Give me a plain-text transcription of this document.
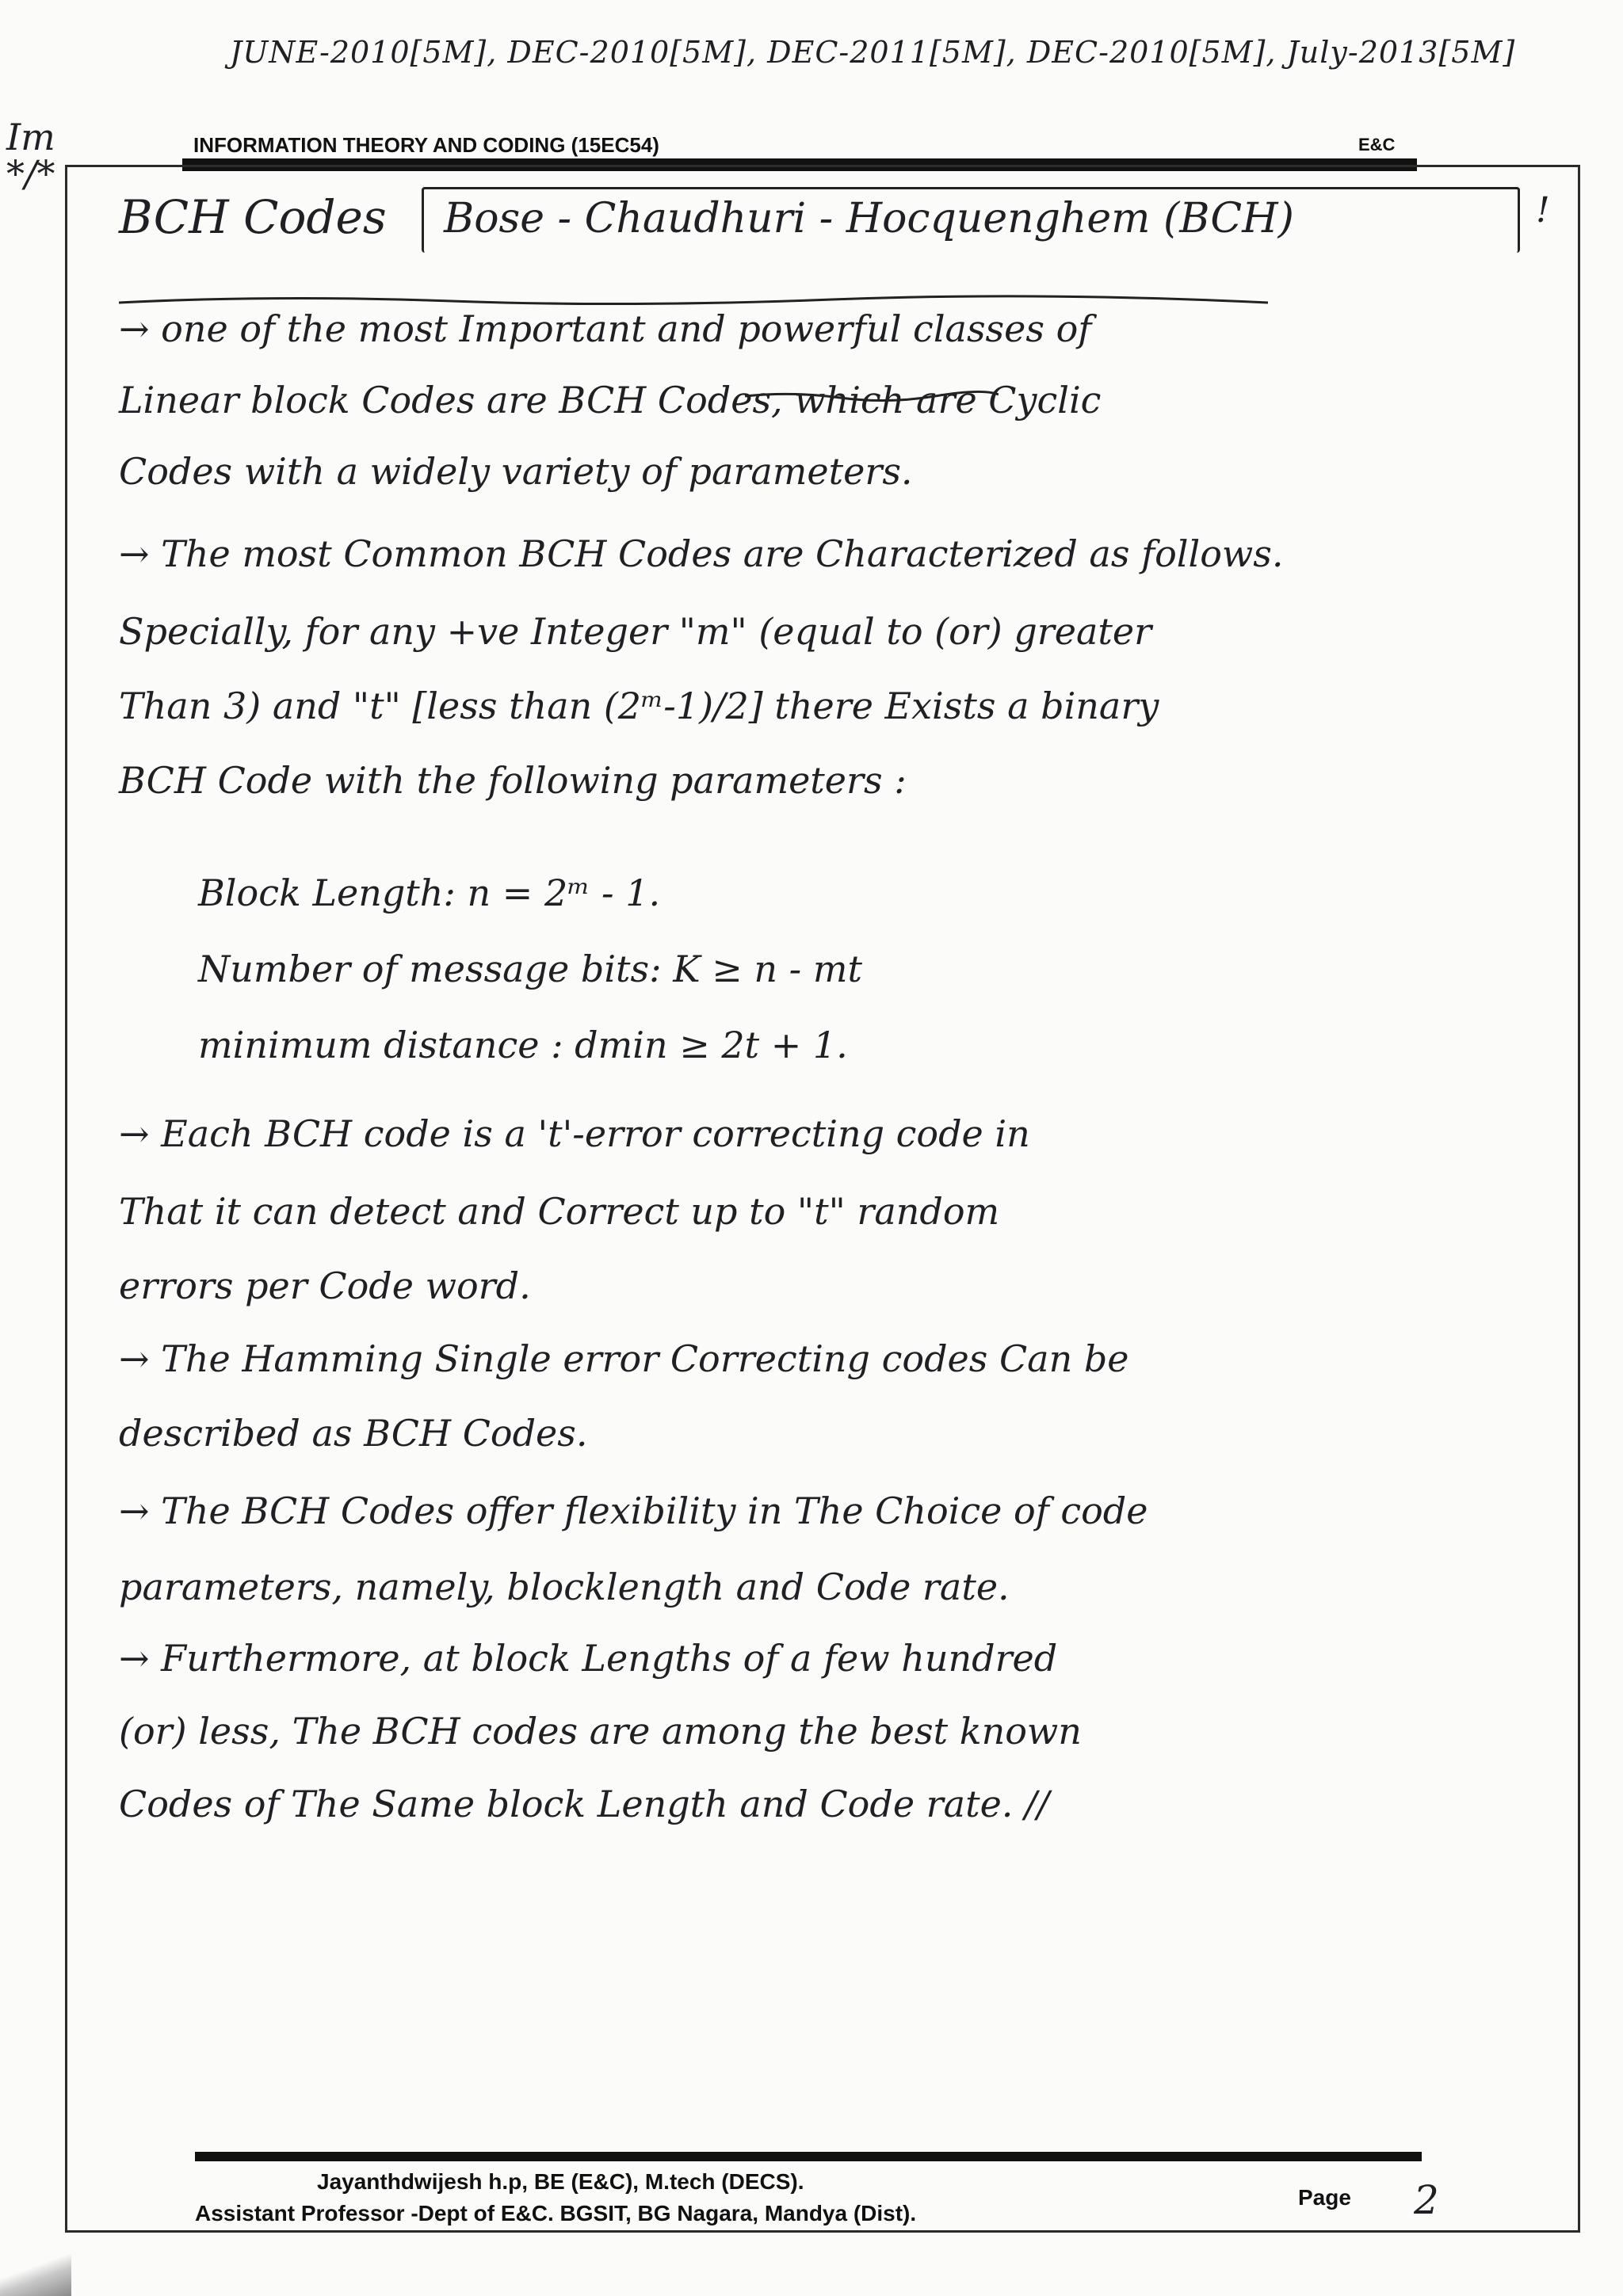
JUNE-2010[5M], DEC-2010[5M], DEC-2011[5M], DEC-2010[5M], July-2013[5M]
Im
*/*
INFORMATION THEORY AND CODING (15EC54)	E&C
BCH Codes Bose - Chaudhuri - Hocquenghem (BCH)	!
→ one of the most Important and powerful classes of
Linear block Codes are BCH Codes, which are Cyclic
Codes with a widely variety of parameters.
→ The most Common BCH Codes are Characterized as follows.
Specially, for any +ve Integer "m" (equal to (or) greater
Than 3) and "t" [less than (2ᵐ-1)/2] there Exists a binary
BCH Code with the following parameters :
Block Length: n = 2ᵐ - 1.
Number of message bits: K ≥ n - mt
minimum distance : dmin ≥ 2t + 1.
→ Each BCH code is a 't'-error correcting code in
That it can detect and Correct up to "t" random
errors per Code word.
→ The Hamming Single error Correcting codes Can be
described as BCH Codes.
→ The BCH Codes offer flexibility in The Choice of code
parameters, namely, blocklength and Code rate.
→ Furthermore, at block Lengths of a few hundred
(or) less, The BCH codes are among the best known
Codes of The Same block Length and Code rate. //
Jayanthdwijesh h.p, BE (E&C), M.tech (DECS).
Assistant Professor -Dept of E&C. BGSIT, BG Nagara, Mandya (Dist).
Page 2
